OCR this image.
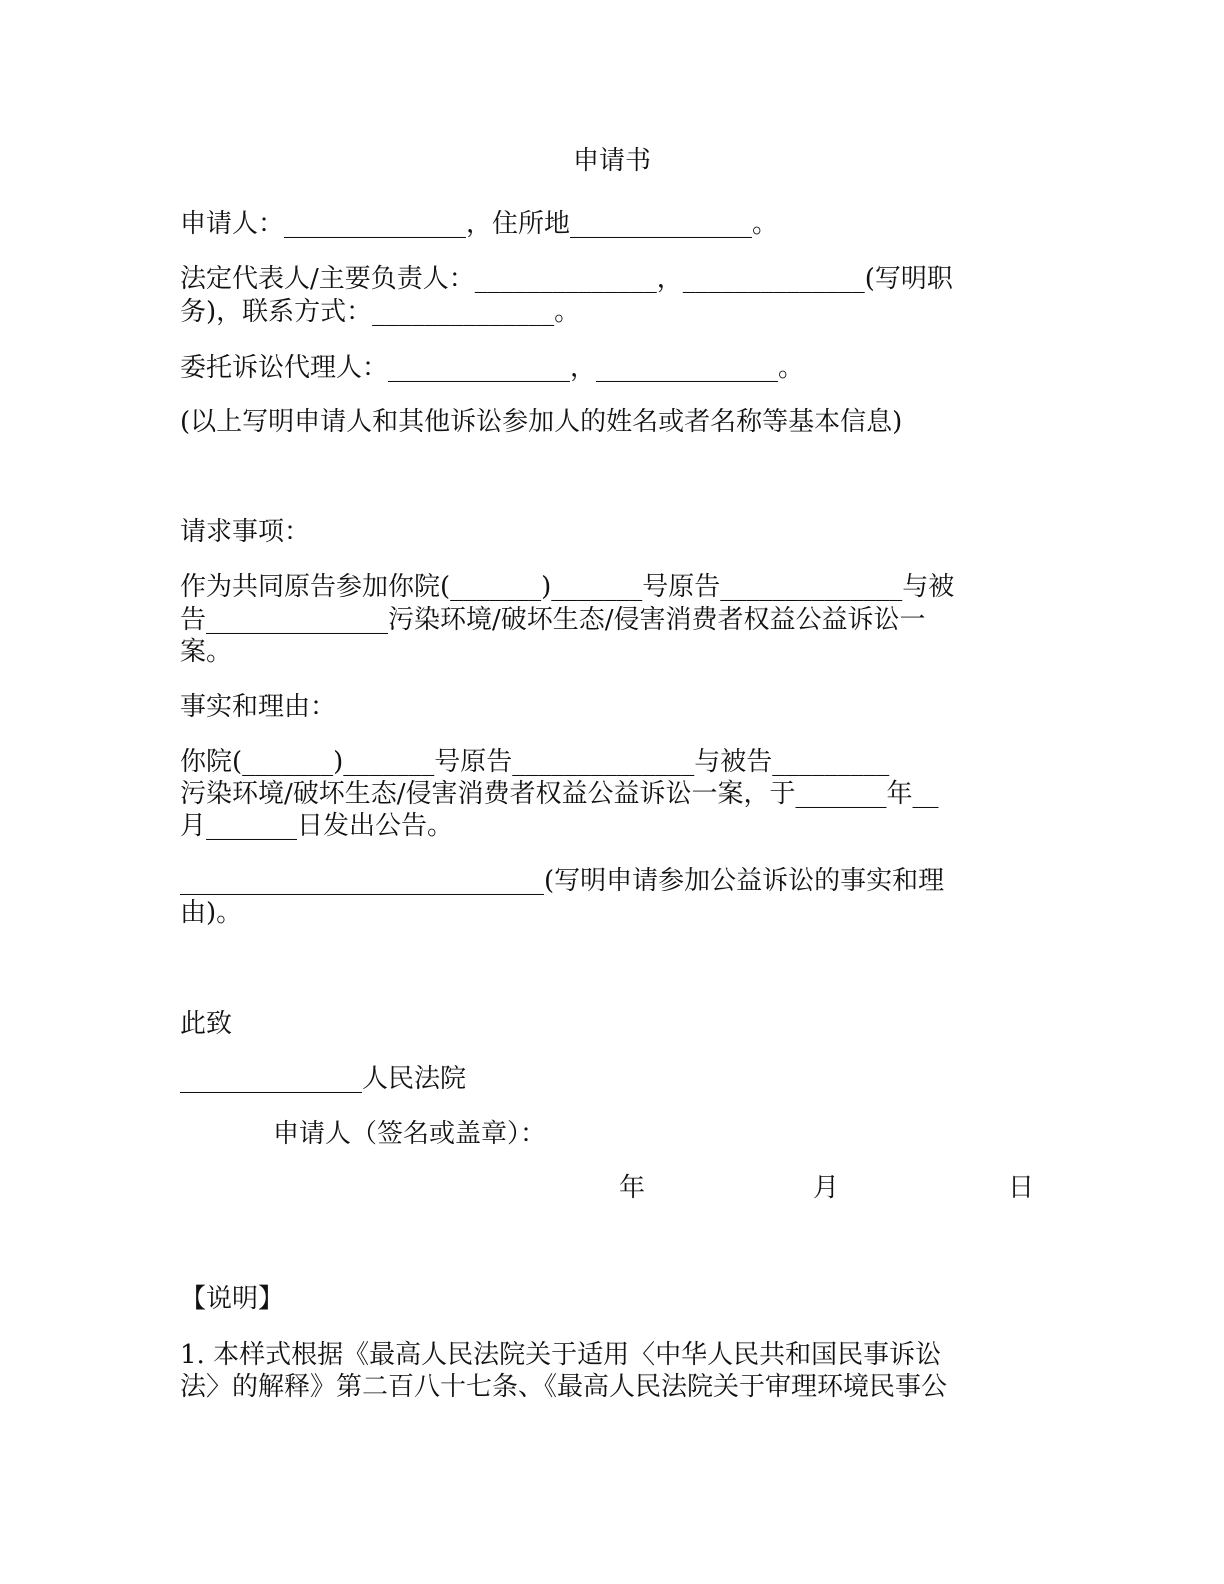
申请书
申请人：______________，住所地______________。
法定代表人/主要负责人：______________，______________(写明职
务)，联系方式：______________。
委托诉讼代理人：______________，______________。
(以上写明申请人和其他诉讼参加人的姓名或者名称等基本信息)
请求事项：
作为共同原告参加你院(_______)_______号原告______________与被
告______________污染环境/破坏生态/侵害消费者权益公益诉讼一
案。
事实和理由：
你院(_______)_______号原告______________与被告_________
污染环境/破坏生态/侵害消费者权益公益诉讼一案，于_______年__
月_______日发出公告。
____________________________(写明申请参加公益诉讼的事实和理
由)。
此致
______________人民法院
申请人（签名或盖章）：
年	月	日
【说明】
1. 本样式根据《最高人民法院关于适用〈中华人民共和国民事诉讼
法〉的解释》第二百八十七条、《最高人民法院关于审理环境民事公
